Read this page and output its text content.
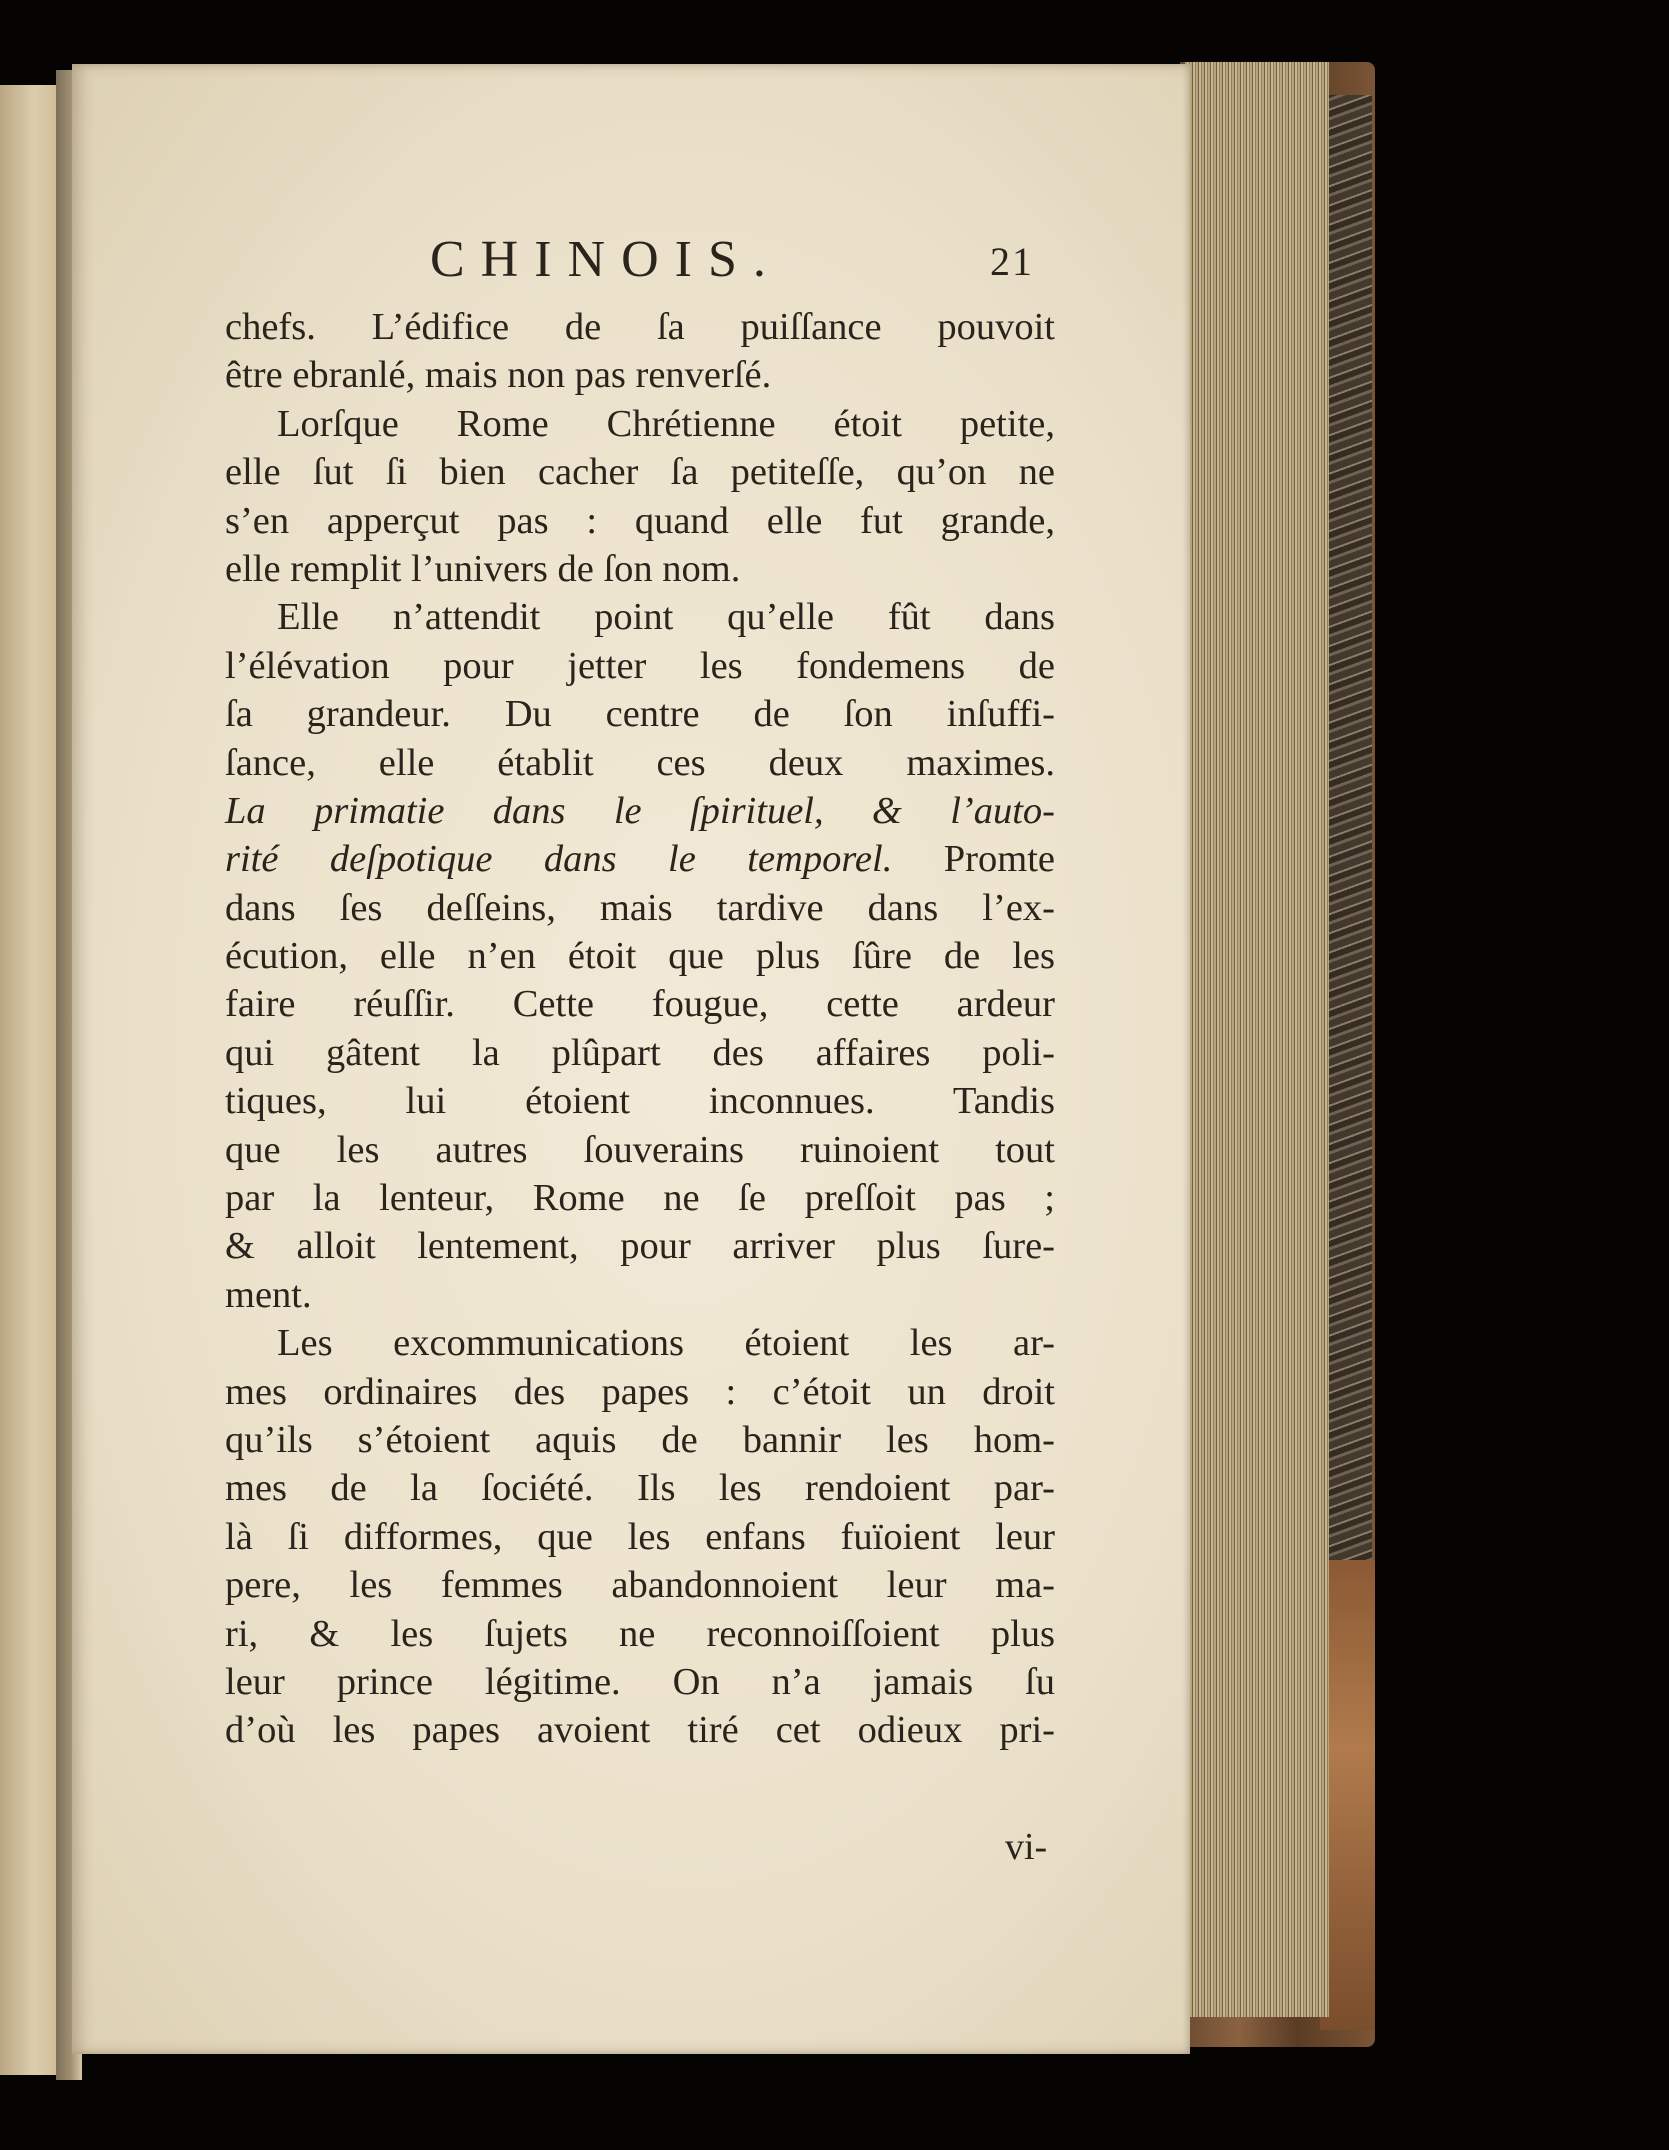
CHINOIS.	21
chefs. L’édifice de ſa puiſſance pouvoit
être ebranlé, mais non pas renverſé.
Lorſque Rome Chrétienne étoit petite,
elle ſut ſi bien cacher ſa petiteſſe, qu’on ne
s’en apperçut pas : quand elle fut grande,
elle remplit l’univers de ſon nom.
Elle n’attendit point qu’elle fût dans
l’élévation pour jetter les fondemens de
ſa grandeur. Du centre de ſon inſuffi-
ſance, elle établit ces deux maximes.
La primatie dans le ſpirituel, & l’auto-
rité deſpotique dans le temporel. Promte
dans ſes deſſeins, mais tardive dans l’ex-
écution, elle n’en étoit que plus ſûre de les
faire réuſſir. Cette fougue, cette ardeur
qui gâtent la plûpart des affaires poli-
tiques, lui étoient inconnues. Tandis
que les autres ſouverains ruinoient tout
par la lenteur, Rome ne ſe preſſoit pas ;
& alloit lentement, pour arriver plus ſure-
ment.
Les excommunications étoient les ar-
mes ordinaires des papes : c’étoit un droit
qu’ils s’étoient aquis de bannir les hom-
mes de la ſociété. Ils les rendoient par-
là ſi difformes, que les enfans fuïoient leur
pere, les femmes abandonnoient leur ma-
ri, & les ſujets ne reconnoiſſoient plus
leur prince légitime. On n’a jamais ſu
d’où les papes avoient tiré cet odieux pri-
vi-
